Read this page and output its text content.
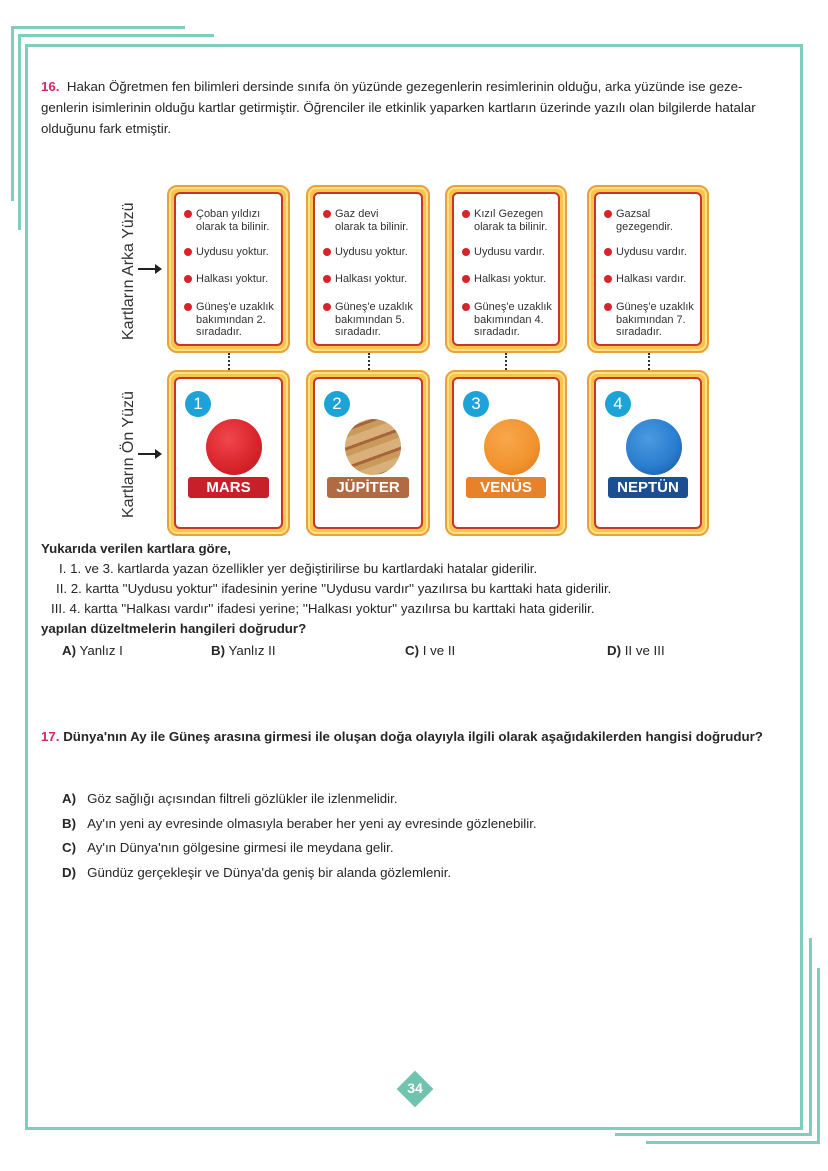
16. Hakan Öğretmen fen bilimleri dersinde sınıfa ön yüzünde gezegenlerin resimlerinin olduğu, arka yüzünde ise geze-
genlerin isimlerinin olduğu kartlar getirmiştir. Öğrenciler ile etkinlik yaparken kartların üzerinde yazılı olan bilgilerde hatalar
olduğunu fark etmiştir.
Kartların Arka Yüzü
Kartların Ön Yüzü
Çoban yıldızı
olarak ta bilinir.
Uydusu yoktur.
Halkası yoktur.
Güneş'e uzaklık
bakımından 2.
sıradadır.
Gaz devi
olarak ta bilinir.
Uydusu yoktur.
Halkası yoktur.
Güneş'e uzaklık
bakımından 5.
sıradadır.
Kızıl Gezegen
olarak ta bilinir.
Uydusu vardır.
Halkası yoktur.
Güneş'e uzaklık
bakımından 4.
sıradadır.
Gazsal
gezegendir.
Uydusu vardır.
Halkası vardır.
Güneş'e uzaklık
bakımından 7.
sıradadır.
1
MARS
2
JÜPİTER
3
VENÜS
4
NEPTÜN
Yukarıda verilen kartlara göre,
I. 1. ve 3. kartlarda yazan özellikler yer değiştirilirse bu kartlardaki hatalar giderilir.
II. 2. kartta ''Uydusu yoktur'' ifadesinin yerine ''Uydusu vardır'' yazılırsa bu karttaki hata giderilir.
III. 4. kartta ''Halkası vardır'' ifadesi yerine; ''Halkası yoktur'' yazılırsa bu karttaki hata giderilir.
yapılan düzeltmelerin hangileri doğrudur?
A) Yanlız I	B) Yanlız II	C) I ve II	D) II ve III
17. Dünya'nın Ay ile Güneş arasına girmesi ile oluşan doğa olayıyla ilgili olarak aşağıdakilerden hangisi doğrudur?
A) Göz sağlığı açısından filtreli gözlükler ile izlenmelidir.
B) Ay'ın yeni ay evresinde olmasıyla beraber her yeni ay evresinde gözlenebilir.
C) Ay'ın Dünya'nın gölgesine girmesi ile meydana gelir.
D) Gündüz gerçekleşir ve Dünya'da geniş bir alanda gözlemlenir.
34
